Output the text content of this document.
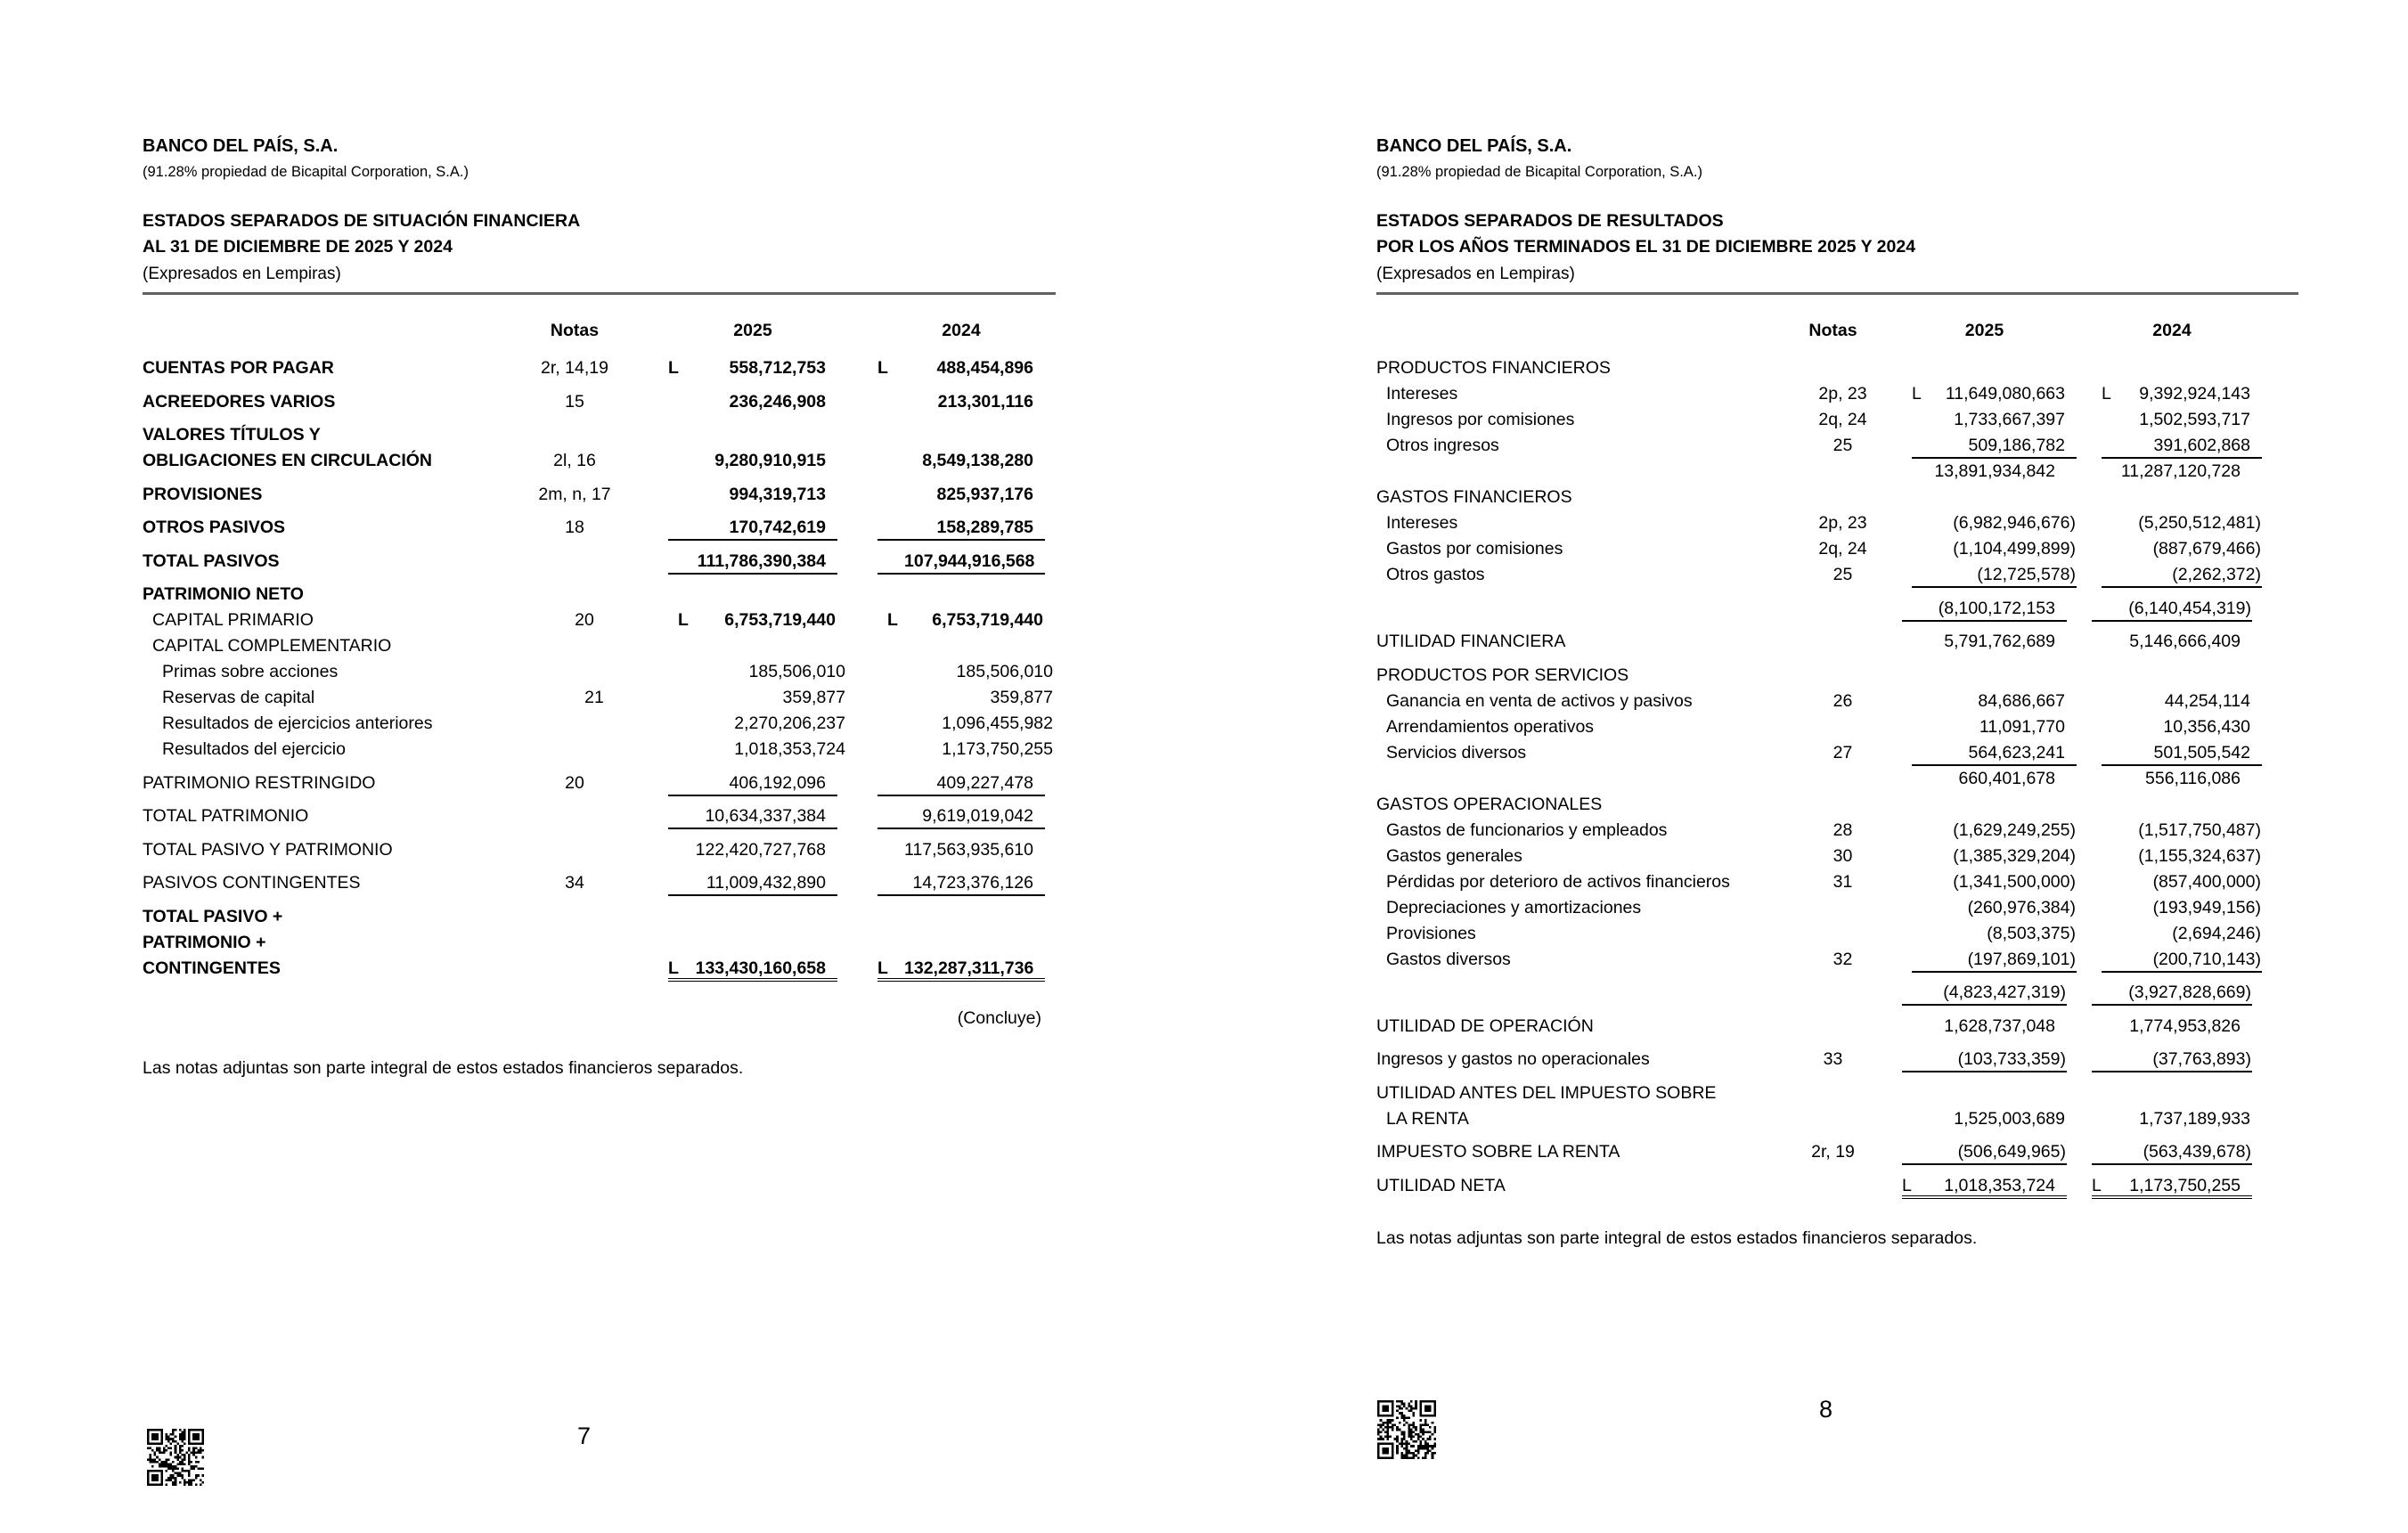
BANCO DEL PAÍS, S.A.
(91.28% propiedad de Bicapital Corporation, S.A.)
ESTADOS SEPARADOS DE SITUACIÓN FINANCIERA
AL 31 DE DICIEMBRE DE 2025 Y 2024
(Expresados en Lempiras)
Notas	2025	2024
CUENTAS POR PAGAR	2r, 14,19	L	558,712,753	L	488,454,896
ACREEDORES VARIOS	15	236,246,908	213,301,116
VALORES TÍTULOS Y
OBLIGACIONES EN CIRCULACIÓN	2l, 16	9,280,910,915	8,549,138,280
PROVISIONES	2m, n, 17	994,319,713	825,937,176
OTROS PASIVOS	18	170,742,619	158,289,785
TOTAL PASIVOS	111,786,390,384	107,944,916,568
PATRIMONIO NETO
CAPITAL PRIMARIO	20	L	6,753,719,440	L	6,753,719,440
CAPITAL COMPLEMENTARIO
Primas sobre acciones	185,506,010	185,506,010
Reservas de capital	21	359,877	359,877
Resultados de ejercicios anteriores	2,270,206,237	1,096,455,982
Resultados del ejercicio	1,018,353,724	1,173,750,255
PATRIMONIO RESTRINGIDO	20	406,192,096	409,227,478
TOTAL PATRIMONIO	10,634,337,384	9,619,019,042
TOTAL PASIVO Y PATRIMONIO	122,420,727,768	117,563,935,610
PASIVOS CONTINGENTES	34	11,009,432,890	14,723,376,126
TOTAL PASIVO +
PATRIMONIO +
CONTINGENTES	L 133,430,160,658	L 132,287,311,736
(Concluye)
Las notas adjuntas son parte integral de estos estados financieros separados.
BANCO DEL PAÍS, S.A.
(91.28% propiedad de Bicapital Corporation, S.A.)
ESTADOS SEPARADOS DE RESULTADOS
POR LOS AÑOS TERMINADOS EL 31 DE DICIEMBRE 2025 Y 2024
(Expresados en Lempiras)
Notas	2025	2024
PRODUCTOS FINANCIEROS
Intereses	2p, 23	L	11,649,080,663	L	9,392,924,143
Ingresos por comisiones	2q, 24	1,733,667,397	1,502,593,717
Otros ingresos	25	509,186,782	391,602,868
13,891,934,842	11,287,120,728
GASTOS FINANCIEROS
Intereses	2p, 23	(6,982,946,676)	(5,250,512,481)
Gastos por comisiones	2q, 24	(1,104,499,899)	(887,679,466)
Otros gastos	25	(12,725,578)	(2,262,372)
(8,100,172,153	(6,140,454,319)
UTILIDAD FINANCIERA	5,791,762,689	5,146,666,409
PRODUCTOS POR SERVICIOS
Ganancia en venta de activos y pasivos	26	84,686,667	44,254,114
Arrendamientos operativos	11,091,770	10,356,430
Servicios diversos	27	564,623,241	501,505,542
660,401,678	556,116,086
GASTOS OPERACIONALES
Gastos de funcionarios y empleados	28	(1,629,249,255)	(1,517,750,487)
Gastos generales	30	(1,385,329,204)	(1,155,324,637)
Pérdidas por deterioro de activos financieros	31	(1,341,500,000)	(857,400,000)
Depreciaciones y amortizaciones	(260,976,384)	(193,949,156)
Provisiones	(8,503,375)	(2,694,246)
Gastos diversos	32	(197,869,101)	(200,710,143)
(4,823,427,319)	(3,927,828,669)
UTILIDAD DE OPERACIÓN	1,628,737,048	1,774,953,826
Ingresos y gastos no operacionales	33	(103,733,359)	(37,763,893)
UTILIDAD ANTES DEL IMPUESTO SOBRE
LA RENTA	1,525,003,689	1,737,189,933
IMPUESTO SOBRE LA RENTA	2r, 19	(506,649,965)	(563,439,678)
UTILIDAD NETA	L	1,018,353,724	L	1,173,750,255
Las notas adjuntas son parte integral de estos estados financieros separados.
7
8
